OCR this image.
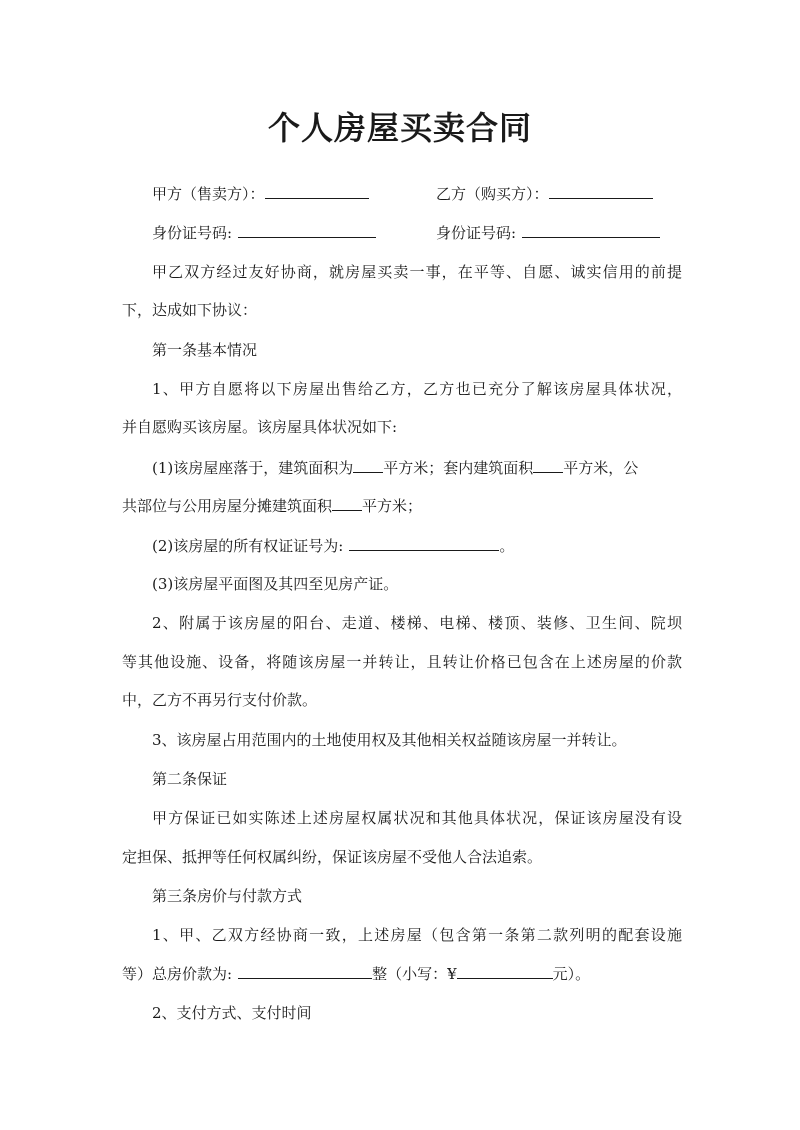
个人房屋买卖合同
甲方（售卖方）：	乙方（购买方）：
身份证号码:	身份证号码:
甲乙双方经过友好协商，就房屋买卖一事，在平等、自愿、诚实信用的前提
下，达成如下协议：
第一条基本情况
1、甲方自愿将以下房屋出售给乙方，乙方也已充分了解该房屋具体状况，
并自愿购买该房屋。该房屋具体状况如下:
(1)该房屋座落于，建筑面积为 平方米；套内建筑面积 平方米，公
共部位与公用房屋分摊建筑面积 平方米；
(2)该房屋的所有权证证号为:	。
(3)该房屋平面图及其四至见房产证。
2、附属于该房屋的阳台、走道、楼梯、电梯、楼顶、装修、卫生间、院坝
等其他设施、设备，将随该房屋一并转让，且转让价格已包含在上述房屋的价款
中，乙方不再另行支付价款。
3、该房屋占用范围内的土地使用权及其他相关权益随该房屋一并转让。
第二条保证
甲方保证已如实陈述上述房屋权属状况和其他具体状况，保证该房屋没有设
定担保、抵押等任何权属纠纷，保证该房屋不受他人合法追索。
第三条房价与付款方式
1、甲、乙双方经协商一致，上述房屋（包含第一条第二款列明的配套设施
等）总房价款为:	整（小写：¥	元）。
2、支付方式、支付时间
